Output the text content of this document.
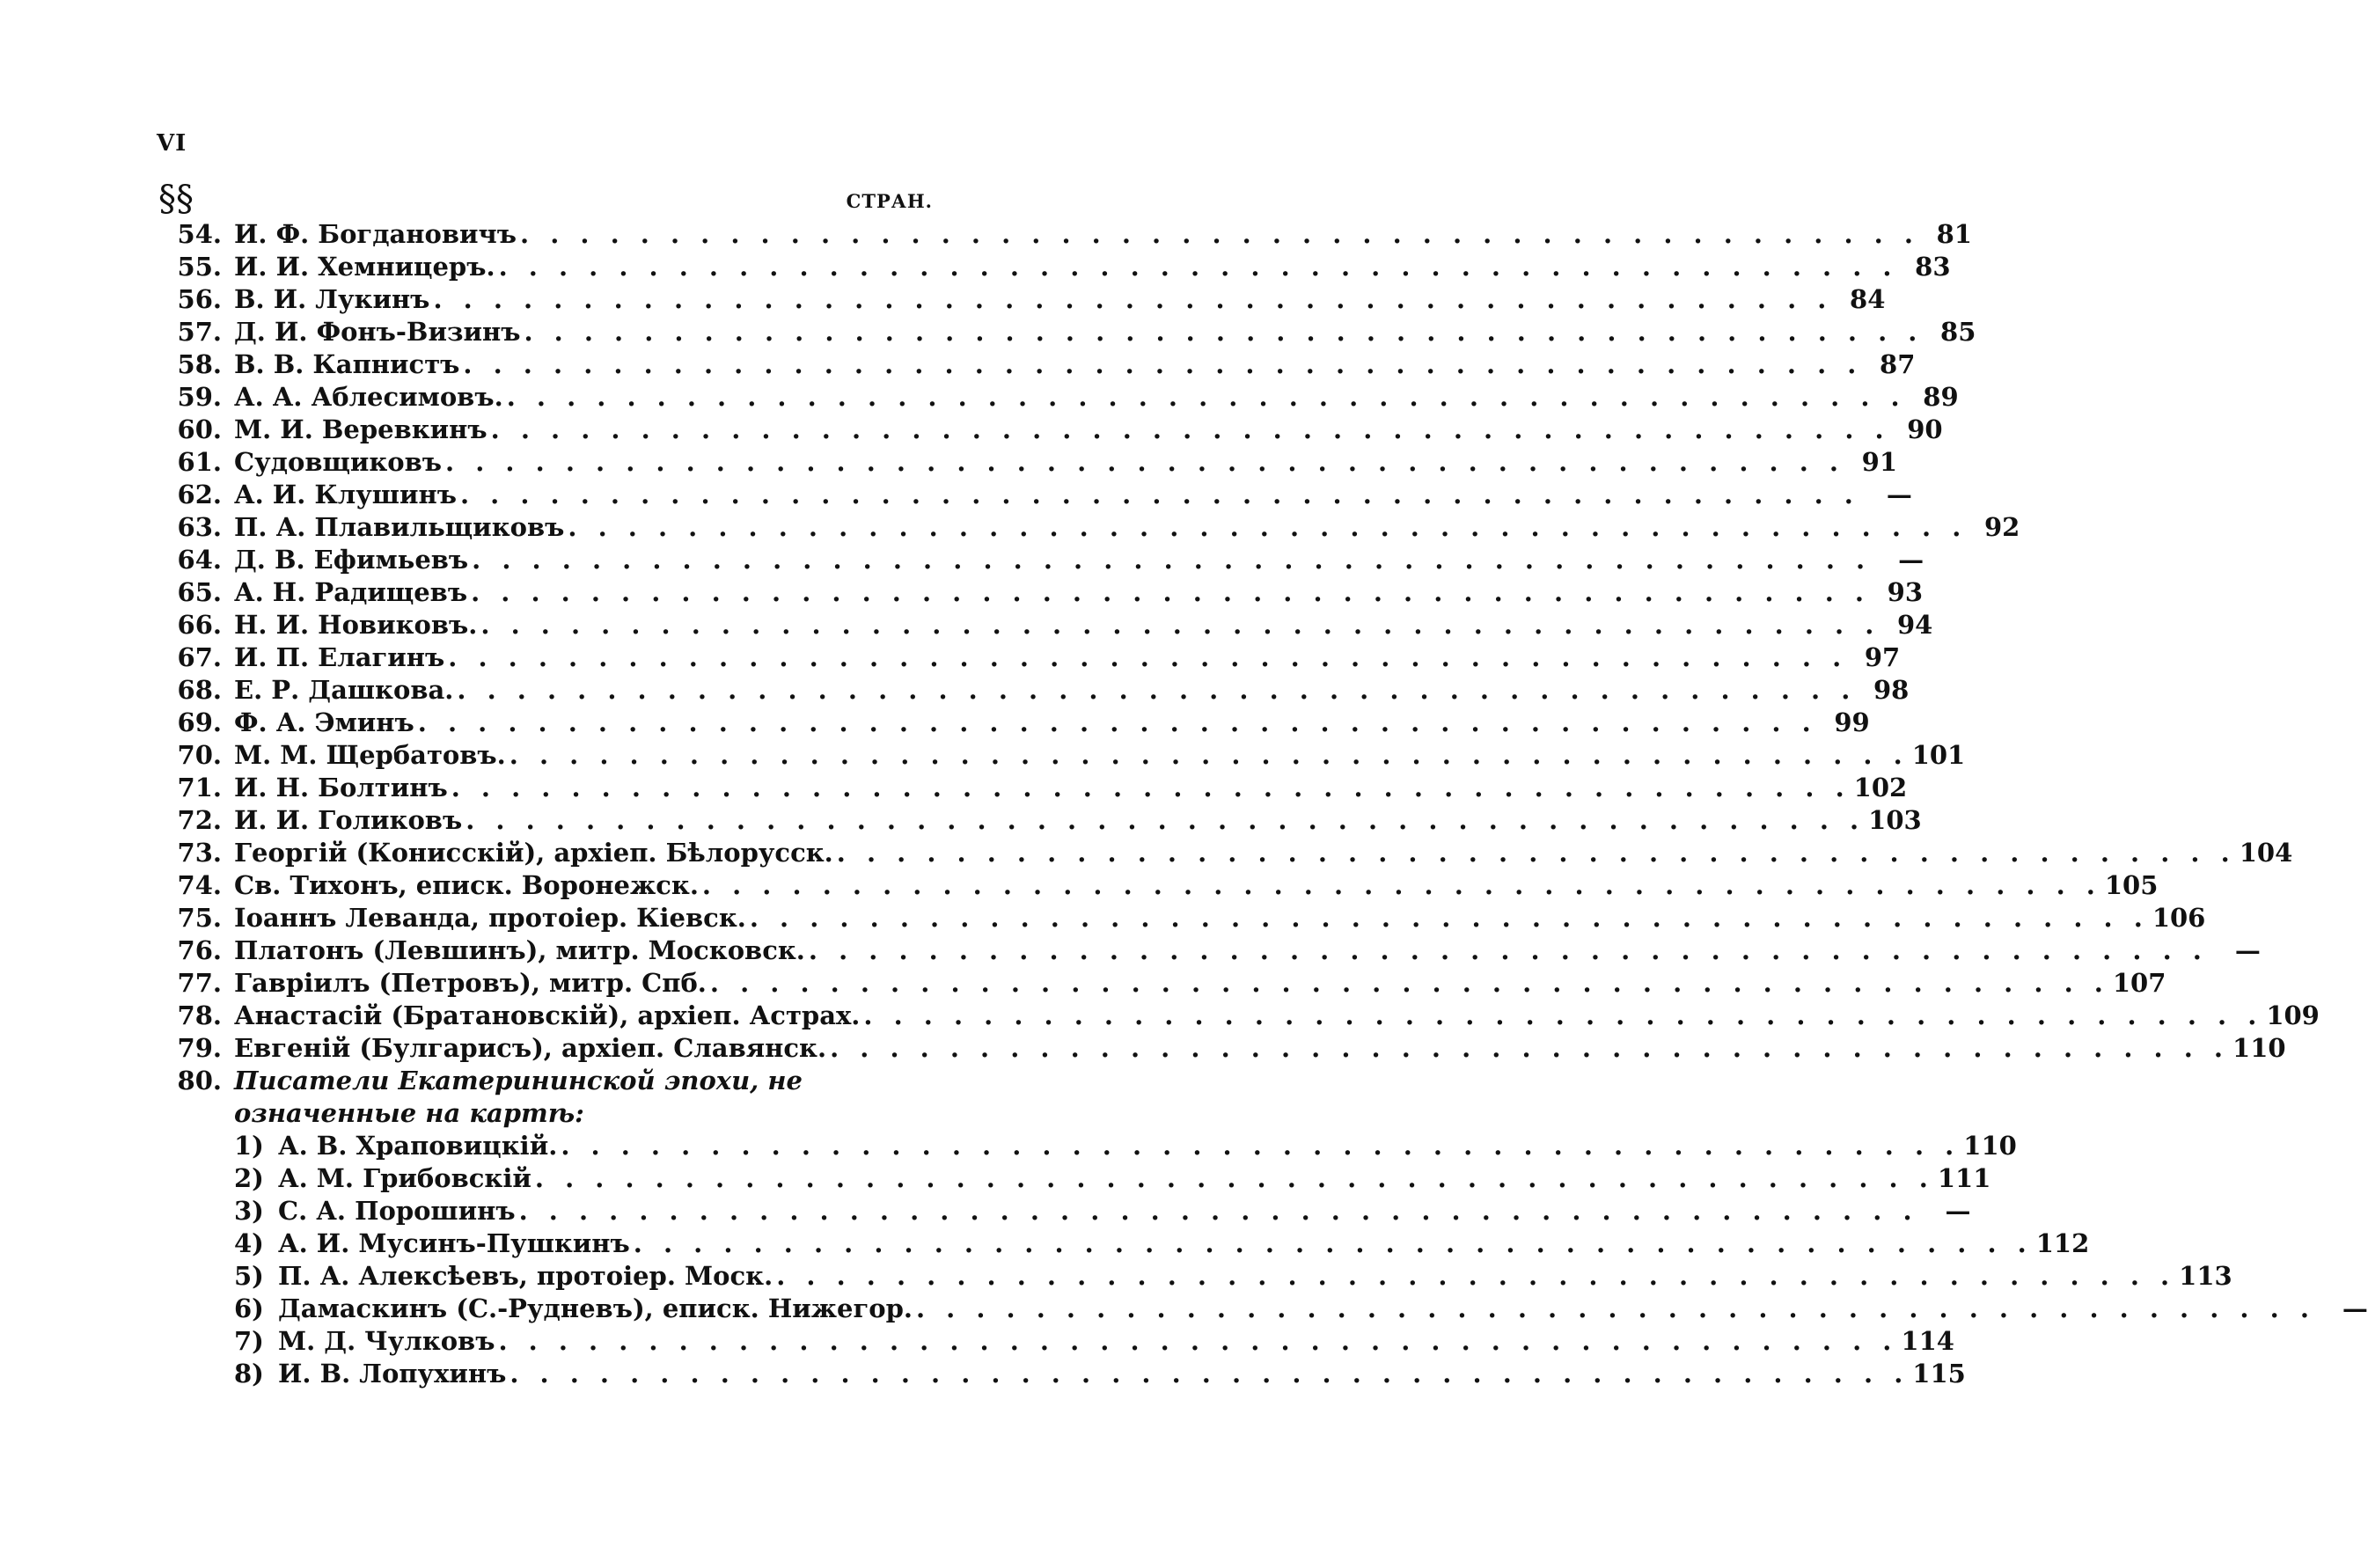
VI
§§	СТРАН.
54. И. Ф. Богдановичъ . . .	81
55. И. И. Хемницеръ. . . .	83
56. В. И. Лукинъ . . .	84
57. Д. И. Фонъ-Визинъ . . .	85
58. В. В. Капнистъ . . .	87
59. А. А. Аблесимовъ. . . .	89
60. М. И. Веревкинъ . . .	90
61. Судовщиковъ . . .	91
62. А. И. Клушинъ . . .	—
63. П. А. Плавильщиковъ . . .	92
64. Д. В. Ефимьевъ . . .	—
65. А. Н. Радищевъ . . .	93
66. Н. И. Новиковъ. . . .	94
67. И. П. Елагинъ . . .	97
68. Е. Р. Дашкова. . . .	98
69. Ф. А. Эминъ . . .	99
70. М. М. Щербатовъ. . . .	101
71. И. Н. Болтинъ . . .	102
72. И. И. Голиковъ . . .	103
73. Георгій (Конисскій), архіеп. Бѣлорусск. . . .	104
74. Св. Тихонъ, еписк. Воронежск. . . .	105
75. Іоаннъ Леванда, протоіер. Кіевск. . . .	106
76. Платонъ (Левшинъ), митр. Московск. . . .	—
77. Гавріилъ (Петровъ), митр. Спб. . . .	107
78. Анастасій (Братановскій), архіеп. Астрах. . . .	109
79. Евгеній (Булгарисъ), архіеп. Славянск. . . .	110
80. Писатели Екатерининской эпохи, не означенные на картѣ:
1) А. В. Храповицкій. . . .	110
2) А. М. Грибовскій . . .	111
3) С. А. Порошинъ . . .	—
4) А. И. Мусинъ-Пушкинъ . . .	112
5) П. А. Алексѣевъ, протоіер. Моск. . . .	113
6) Дамаскинъ (С.-Рудневъ), еписк. Нижегор. . . .	—
7) М. Д. Чулковъ . . .	114
8) И. В. Лопухинъ . . .	115
